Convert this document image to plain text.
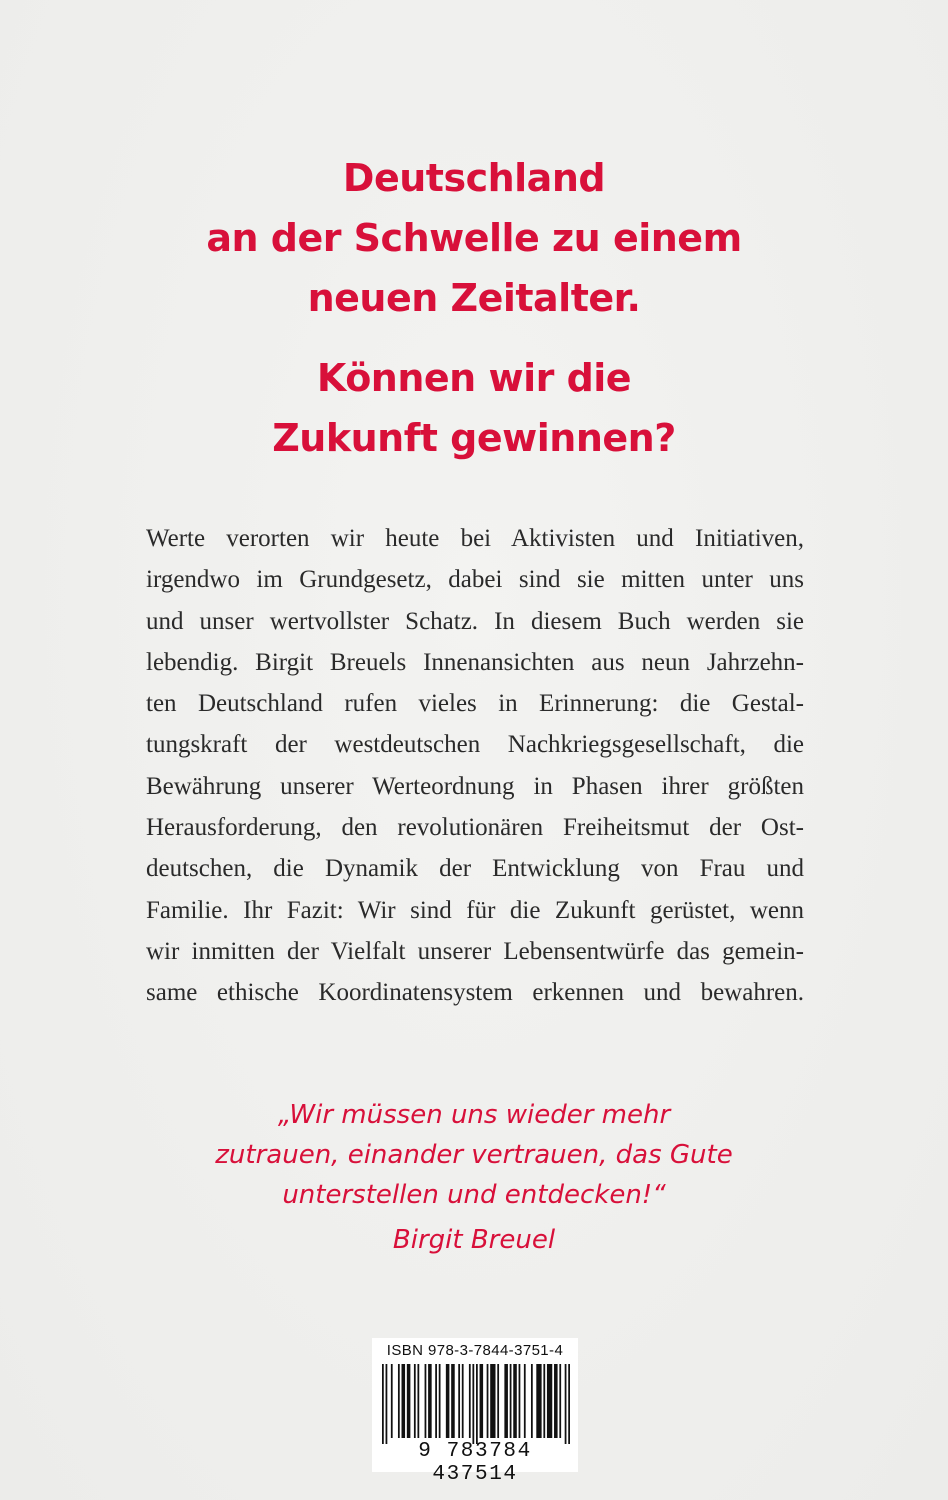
Deutschland
an der Schwelle zu einem
neuen Zeitalter.
Können wir die
Zukunft gewinnen?
Werte verorten wir heute bei Aktivisten und Initiativen,
irgendwo im Grundgesetz, dabei sind sie mitten unter uns
und unser wertvollster Schatz. In diesem Buch werden sie
lebendig. Birgit Breuels Innenansichten aus neun Jahrzehn-
ten Deutschland rufen vieles in Erinnerung: die Gestal-
tungskraft der westdeutschen Nachkriegsgesellschaft, die
Bewährung unserer Werteordnung in Phasen ihrer größten
Herausforderung, den revolutionären Freiheitsmut der Ost-
deutschen, die Dynamik der Entwicklung von Frau und
Familie. Ihr Fazit: Wir sind für die Zukunft gerüstet, wenn
wir inmitten der Vielfalt unserer Lebensentwürfe das gemein-
same ethische Koordinatensystem erkennen und bewahren.
„Wir müssen uns wieder mehr
zutrauen, einander vertrauen, das Gute
unterstellen und entdecken!“
Birgit Breuel
ISBN 978-3-7844-3751-4
9 783784 437514
